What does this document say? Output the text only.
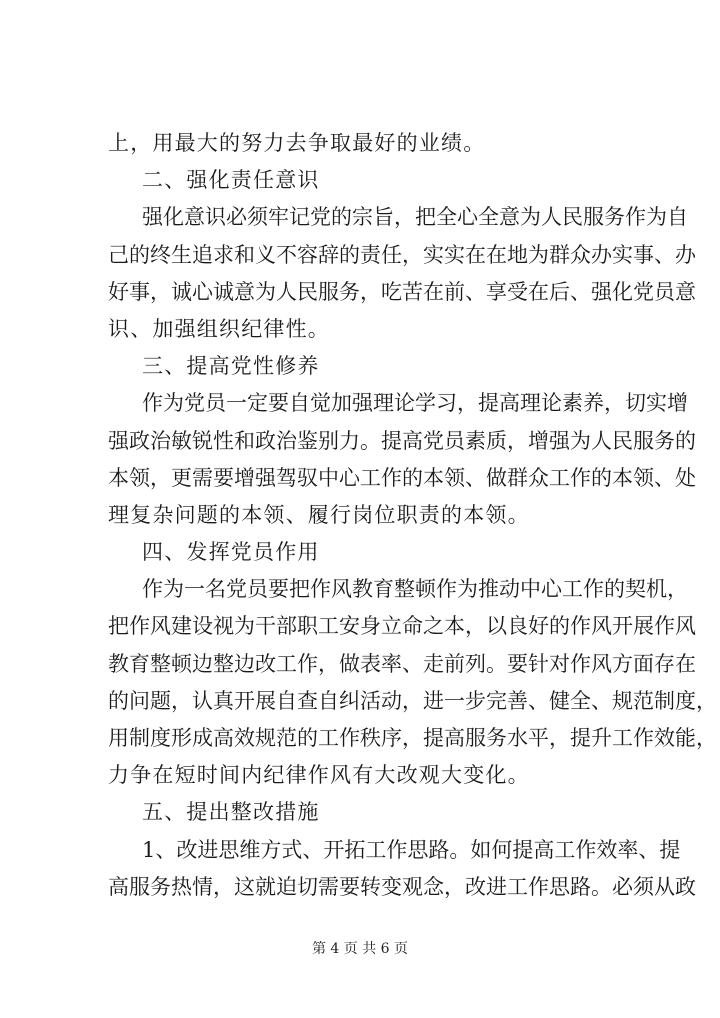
上，用最大的努力去争取最好的业绩。
二、强化责任意识
强化意识必须牢记党的宗旨，把全心全意为人民服务作为自
己的终生追求和义不容辞的责任，实实在在地为群众办实事、办
好事，诚心诚意为人民服务，吃苦在前、享受在后、强化党员意
识、加强组织纪律性。
三、提高党性修养
作为党员一定要自觉加强理论学习，提高理论素养，切实增
强政治敏锐性和政治鉴别力。提高党员素质，增强为人民服务的
本领，更需要增强驾驭中心工作的本领、做群众工作的本领、处
理复杂问题的本领、履行岗位职责的本领。
四、发挥党员作用
作为一名党员要把作风教育整顿作为推动中心工作的契机，
把作风建设视为干部职工安身立命之本，以良好的作风开展作风
教育整顿边整边改工作，做表率、走前列。要针对作风方面存在
的问题，认真开展自查自纠活动，进一步完善、健全、规范制度，
用制度形成高效规范的工作秩序，提高服务水平，提升工作效能，
力争在短时间内纪律作风有大改观大变化。
五、提出整改措施
1、改进思维方式、开拓工作思路。如何提高工作效率、提
高服务热情，这就迫切需要转变观念，改进工作思路。必须从政
第 4 页 共 6 页
